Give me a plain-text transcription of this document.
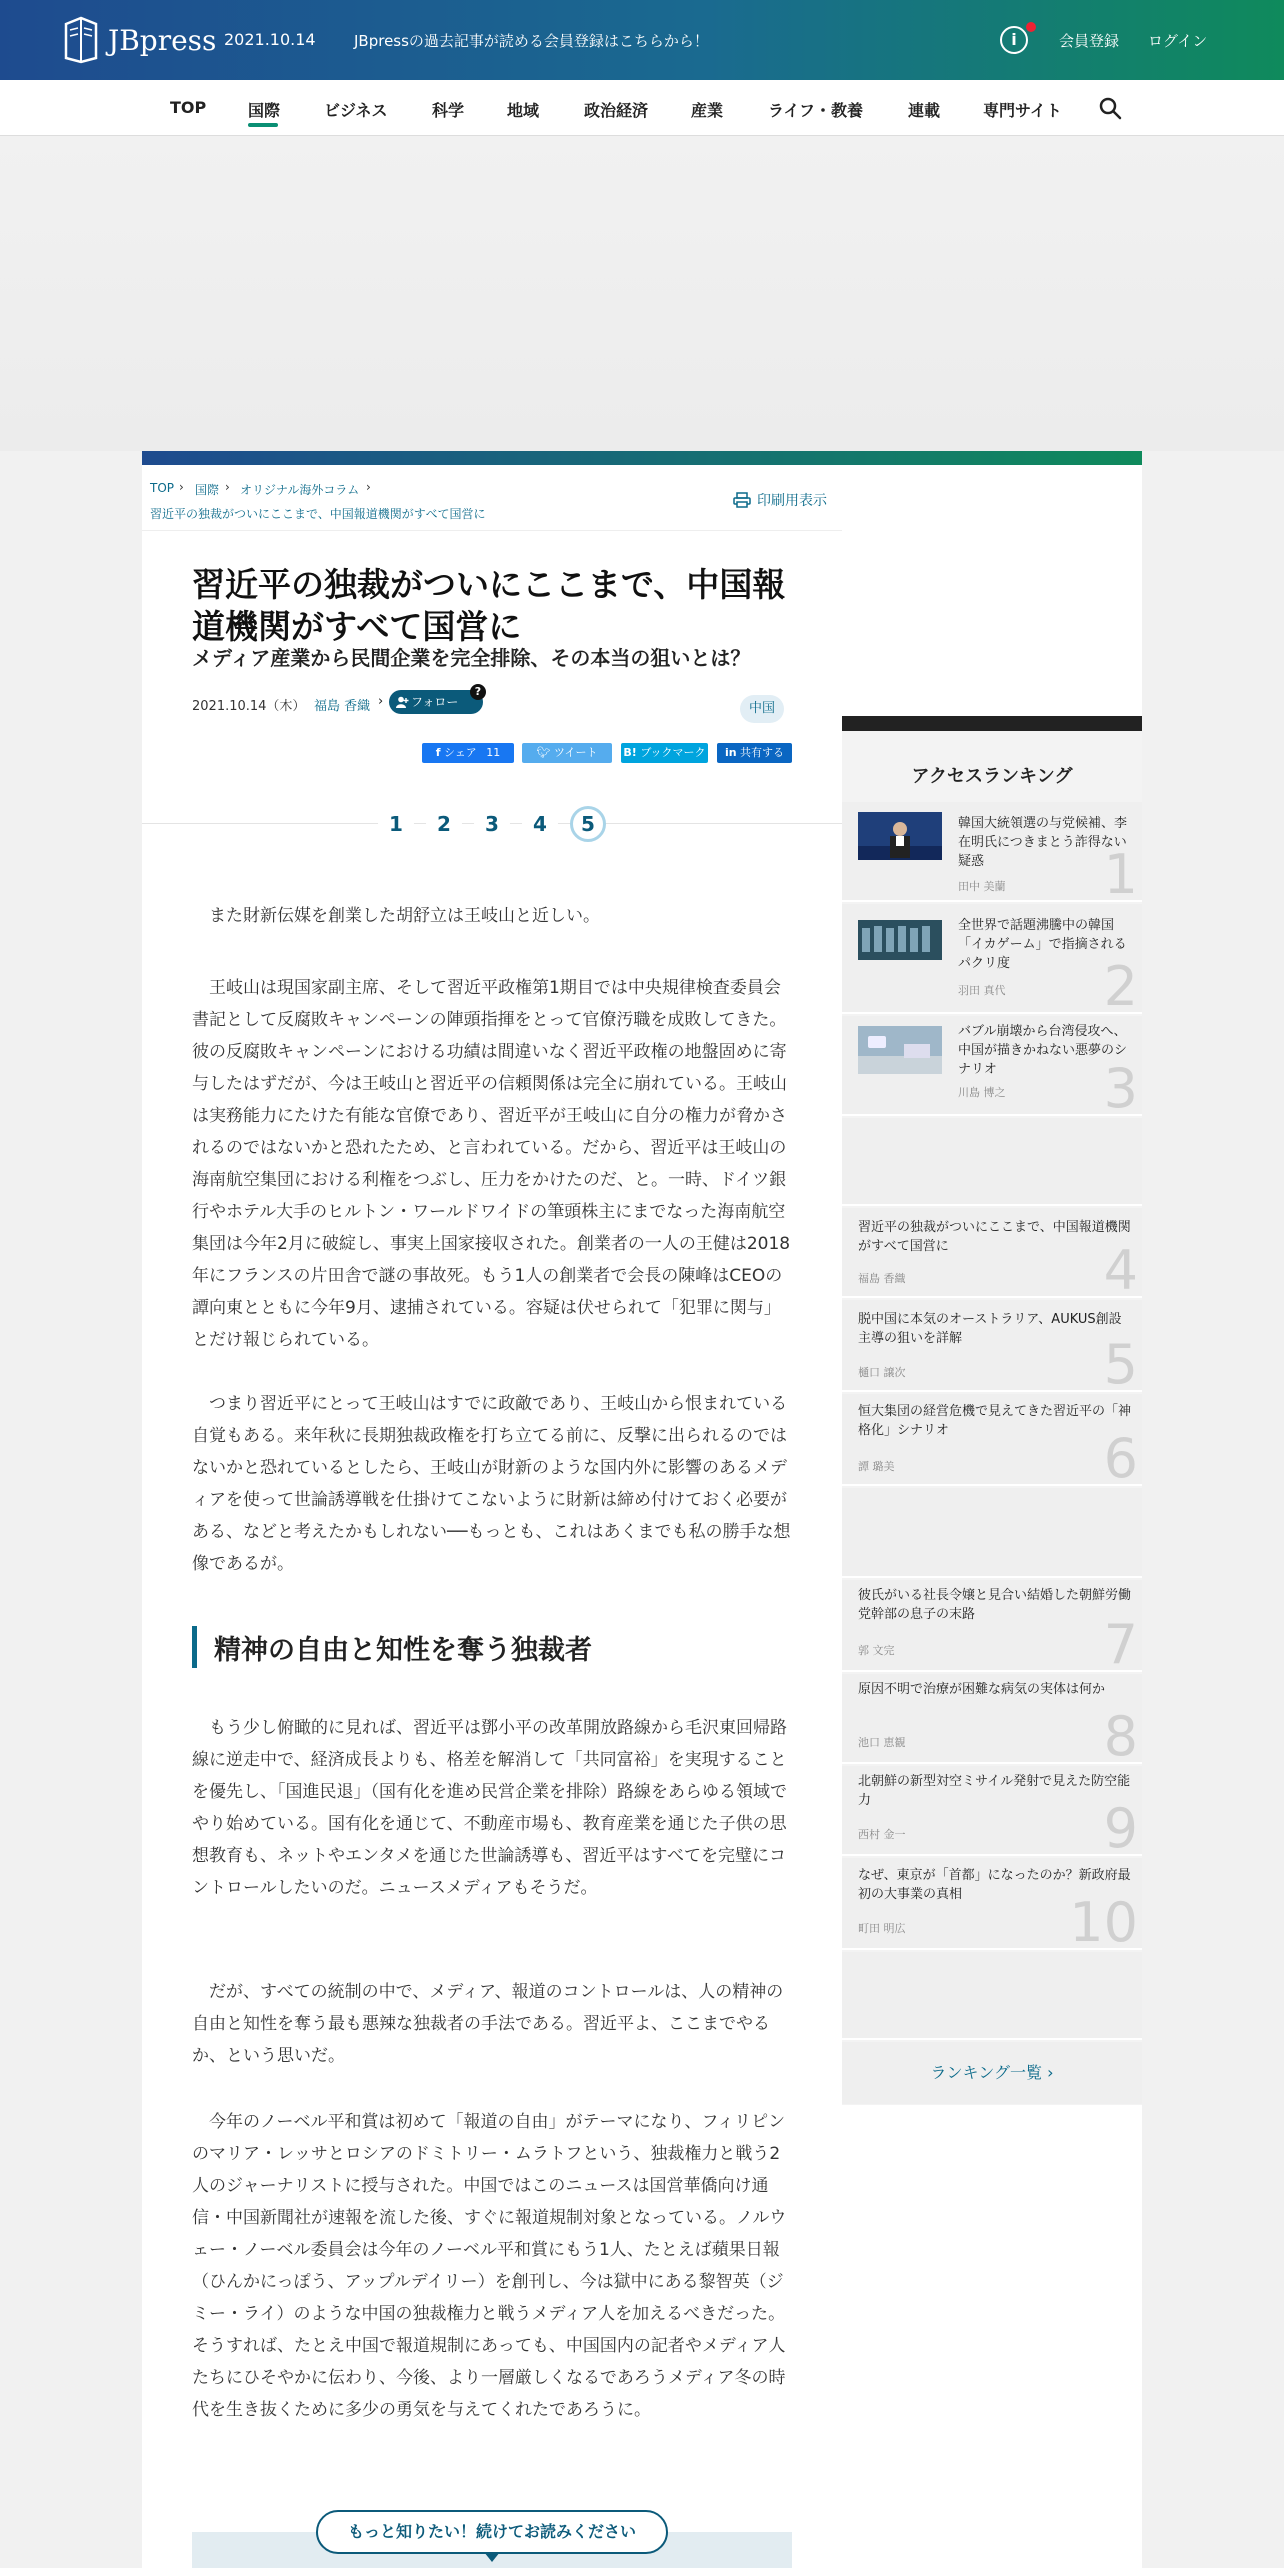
JBpress 2021.10.14	JBpressの過去記事が読める会員登録はこちらから！	i	会員登録 ログイン
TOP	国際	ビジネス	科学	地域	政治経済	産業	ライフ・教養	連載	専門サイト
TOP › 国際 › オリジナル海外コラム ›
習近平の独裁がついにここまで、中国報道機関がすべて国営に
印刷用表示
習近平の独裁がついにここまで、中国報道機関がすべて国営に
メディア産業から民間企業を完全排除、その本当の狙いとは？
2021.10.14（木） 福島 香織 ›	フォロー
?
中国
f シェア 11	🐦︎ ツイート	B! ブックマーク	in 共有する
1	2	3	4	5

また財新伝媒を創業した胡舒立は王岐山と近しい。

王岐山は現国家副主席、そして習近平政権第1期目では中央規律検査委員会書記として反腐敗キャンペーンの陣頭指揮をとって官僚汚職を成敗してきた。彼の反腐敗キャンペーンにおける功績は間違いなく習近平政権の地盤固めに寄与したはずだが、今は王岐山と習近平の信頼関係は完全に崩れている。王岐山は実務能力にたけた有能な官僚であり、習近平が王岐山に自分の権力が脅かされるのではないかと恐れたため、と言われている。だから、習近平は王岐山の海南航空集団における利権をつぶし、圧力をかけたのだ、と。一時、ドイツ銀行やホテル大手のヒルトン・ワールドワイドの筆頭株主にまでなった海南航空集団は今年2月に破綻し、事実上国家接収された。創業者の一人の王健は2018年にフランスの片田舎で謎の事故死。もう1人の創業者で会長の陳峰はCEOの譚向東とともに今年9月、逮捕されている。容疑は伏せられて「犯罪に関与」とだけ報じられている。

つまり習近平にとって王岐山はすでに政敵であり、王岐山から恨まれている自覚もある。来年秋に長期独裁政権を打ち立てる前に、反撃に出られるのではないかと恐れているとしたら、王岐山が財新のような国内外に影響のあるメディアを使って世論誘導戦を仕掛けてこないように財新は締め付けておく必要がある、などと考えたかもしれない──もっとも、これはあくまでも私の勝手な想像であるが。

精神の自由と知性を奪う独裁者

もう少し俯瞰的に見れば、習近平は鄧小平の改革開放路線から毛沢東回帰路線に逆走中で、経済成長よりも、格差を解消して「共同富裕」を実現することを優先し、「国進民退」（国有化を進め民営企業を排除）路線をあらゆる領域でやり始めている。国有化を通じて、不動産市場も、教育産業を通じた子供の思想教育も、ネットやエンタメを通じた世論誘導も、習近平はすべてを完璧にコントロールしたいのだ。ニュースメディアもそうだ。

だが、すべての統制の中で、メディア、報道のコントロールは、人の精神の自由と知性を奪う最も悪辣な独裁者の手法である。習近平よ、ここまでやるか、という思いだ。

今年のノーベル平和賞は初めて「報道の自由」がテーマになり、フィリピンのマリア・レッサとロシアのドミトリー・ムラトフという、独裁権力と戦う2人のジャーナリストに授与された。中国ではこのニュースは国営華僑向け通信・中国新聞社が速報を流した後、すぐに報道規制対象となっている。ノルウェー・ノーベル委員会は今年のノーベル平和賞にもう1人、たとえば蘋果日報（ひんかにっぽう、アップルデイリー）を創刊し、今は獄中にある黎智英（ジミー・ライ）のような中国の独裁権力と戦うメディア人を加えるべきだった。そうすれば、たとえ中国で報道規制にあっても、中国国内の記者やメディア人たちにひそやかに伝わり、今後、より一層厳しくなるであろうメディア冬の時代を生き抜くために多少の勇気を与えてくれたであろうに。

もっと知りたい！続けてお読みください
アクセスランキング
韓国大統領選の与党候補、李在明氏につきまとう詐得ない疑惑
田中 美蘭 1
全世界で話題沸騰中の韓国「イカゲーム」で指摘されるパクリ度
羽田 真代 2
バブル崩壊から台湾侵攻へ、中国が描きかねない悪夢のシナリオ
川島 博之 3
習近平の独裁がついにここまで、中国報道機関がすべて国営に
福島 香織	4
脱中国に本気のオーストラリア、AUKUS創設主導の狙いを詳解
樋口 譲次	5
恒大集団の経営危機で見えてきた習近平の「神格化」シナリオ
譚 璐美	6
彼氏がいる社長令嬢と見合い結婚した朝鮮労働党幹部の息子の末路
郭 文完	7
原因不明で治療が困難な病気の実体は何か
池口 恵観	8
北朝鮮の新型対空ミサイル発射で見えた防空能力
西村 金一	9
なぜ、東京が「首都」になったのか？新政府最初の大事業の真相
町田 明広	10
ランキング一覧 ›
